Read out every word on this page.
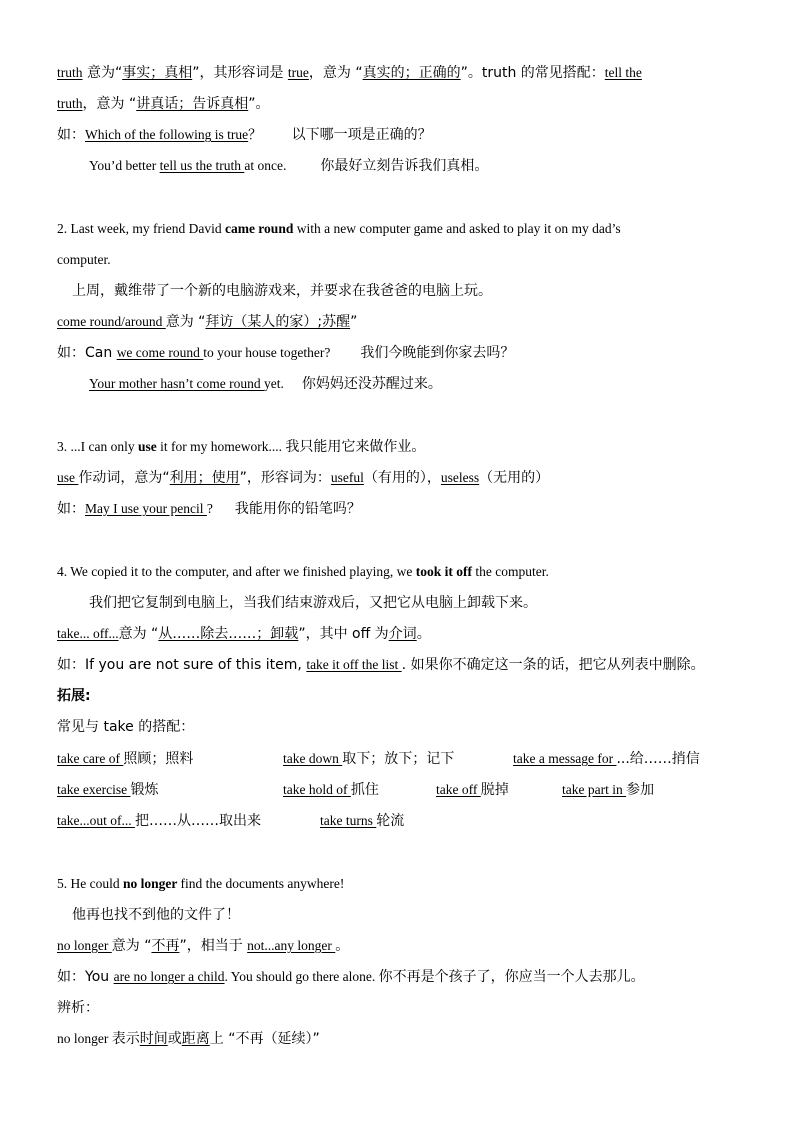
truth 意为“事实；真相”，其形容词是 true，意为 “真实的；正确的”。truth 的常见搭配：tell the
truth，意为 “讲真话；告诉真相”。
如：Which of the following is true？ 以下哪一项是正确的？
You’d better tell us the truth at once. 你最好立刻告诉我们真相。
2. Last week, my friend David came round with a new computer game and asked to play it on my dad’s
computer.
上周，戴维带了一个新的电脑游戏来，并要求在我爸爸的电脑上玩。
come round/around 意为 “拜访（某人的家）;苏醒”
如：Can we come round to your house together? 我们今晚能到你家去吗？
Your mother hasn’t come round yet. 你妈妈还没苏醒过来。
3. ...I can only use it for my homework.... 我只能用它来做作业。
use 作动词，意为“利用；使用”，形容词为：useful（有用的），useless（无用的）
如：May I use your pencil ? 我能用你的铅笔吗？
4. We copied it to the computer, and after we finished playing, we took it off the computer.
我们把它复制到电脑上，当我们结束游戏后，又把它从电脑上卸载下来。
take... off...意为 “从……除去……；卸载”，其中 off 为介词。
如：If you are not sure of this item, take it off the list . 如果你不确定这一条的话，把它从列表中删除。
拓展:
常见与 take 的搭配：
take care of 照顾；照料	take down 取下；放下；记下	take a message for ...给……捎信
take exercise 锻炼	take hold of 抓住	take off 脱掉	take part in 参加
take...out of... 把……从……取出来	take turns 轮流
5. He could no longer find the documents anywhere!
他再也找不到他的文件了！
no longer 意为 “不再”，相当于 not...any longer 。
如：You are no longer a child. You should go there alone. 你不再是个孩子了，你应当一个人去那儿。
辨析：
no longer 表示时间或距离上 “不再（延续）”
